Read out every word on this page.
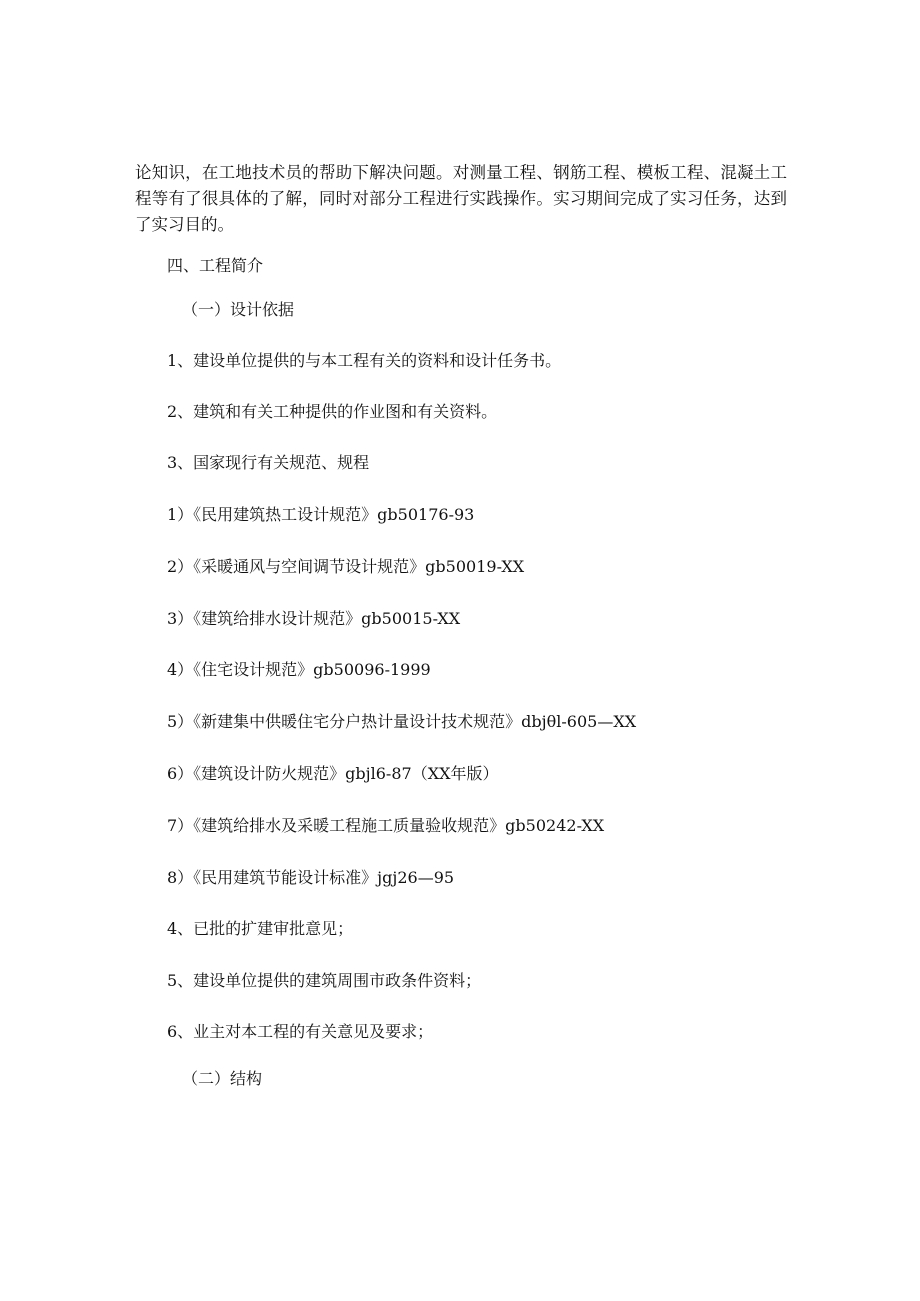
论知识，在工地技术员的帮助下解决问题。对测量工程、钢筋工程、模板工程、混凝土工程等有了很具体的了解，同时对部分工程进行实践操作。实习期间完成了实习任务，达到了实习目的。

四、工程简介

（一）设计依据

1、建设单位提供的与本工程有关的资料和设计任务书。

2、建筑和有关工种提供的作业图和有关资料。

3、国家现行有关规范、规程

1）《民用建筑热工设计规范》gb50176-93

2）《采暖通风与空间调节设计规范》gb50019-XX

3）《建筑给排水设计规范》gb50015-XX

4）《住宅设计规范》gb50096-1999

5）《新建集中供暖住宅分户热计量设计技术规范》dbjθl-605—XX

6）《建筑设计防火规范》gbjl6-87（XX年版）

7）《建筑给排水及采暖工程施工质量验收规范》gb50242-XX

8）《民用建筑节能设计标准》jgj26—95

4、已批的扩建审批意见；

5、建设单位提供的建筑周围市政条件资料；

6、业主对本工程的有关意见及要求；

（二）结构
